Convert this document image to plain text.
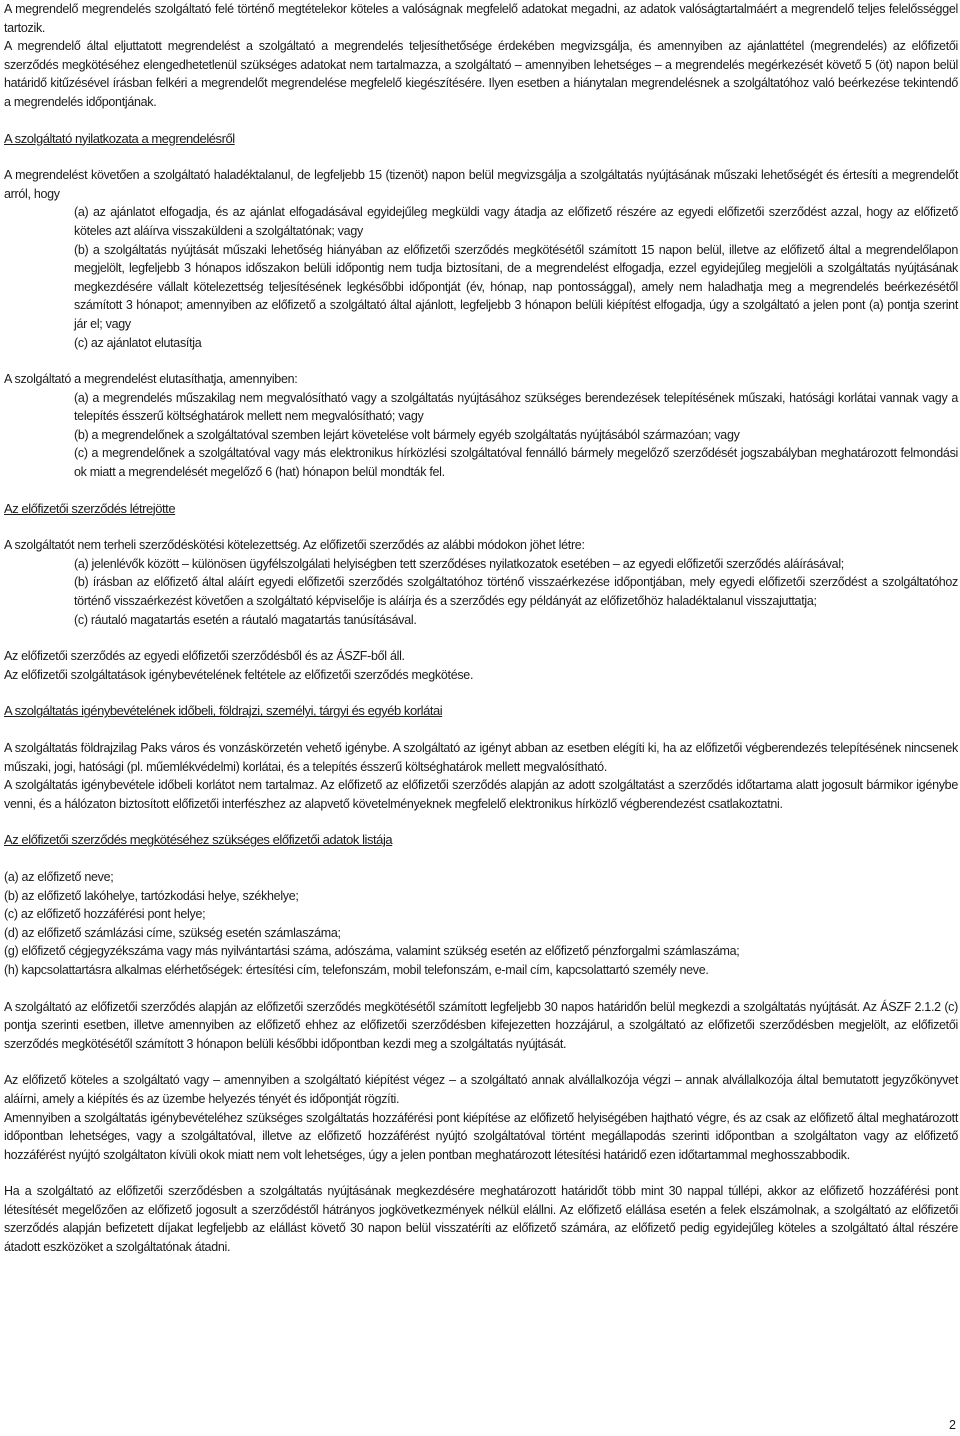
A megrendelő megrendelés szolgáltató felé történő megtételekor köteles a valóságnak megfelelő adatokat megadni, az adatok valóságtartalmáért a megrendelő teljes felelősséggel tartozik.

A megrendelő által eljuttatott megrendelést a szolgáltató a megrendelés teljesíthetősége érdekében megvizsgálja, és amennyiben az ajánlattétel (megrendelés) az előfizetői szerződés megkötéséhez elengedhetetlenül szükséges adatokat nem tartalmazza, a szolgáltató – amennyiben lehetséges – a megrendelés megérkezését követő 5 (öt) napon belül határidő kitűzésével írásban felkéri a megrendelőt megrendelése megfelelő kiegészítésére. Ilyen esetben a hiánytalan megrendelésnek a szolgáltatóhoz való beérkezése tekintendő a megrendelés időpontjának.

A szolgáltató nyilatkozata a megrendelésről

A megrendelést követően a szolgáltató haladéktalanul, de legfeljebb 15 (tizenöt) napon belül megvizsgálja a szolgáltatás nyújtásának műszaki lehetőségét és értesíti a megrendelőt arról, hogy

(a) az ajánlatot elfogadja, és az ajánlat elfogadásával egyidejűleg megküldi vagy átadja az előfizető részére az egyedi előfizetői szerződést azzal, hogy az előfizető köteles azt aláírva visszaküldeni a szolgáltatónak; vagy

(b) a szolgáltatás nyújtását műszaki lehetőség hiányában az előfizetői szerződés megkötésétől számított 15 napon belül, illetve az előfizető által a megrendelőlapon megjelölt, legfeljebb 3 hónapos időszakon belüli időpontig nem tudja biztosítani, de a megrendelést elfogadja, ezzel egyidejűleg megjelöli a szolgáltatás nyújtásának megkezdésére vállalt kötelezettség teljesítésének legkésőbbi időpontját (év, hónap, nap pontossággal), amely nem haladhatja meg a megrendelés beérkezésétől számított 3 hónapot; amennyiben az előfizető a szolgáltató által ajánlott, legfeljebb 3 hónapon belüli kiépítést elfogadja, úgy a szolgáltató a jelen pont (a) pontja szerint jár el; vagy

(c) az ajánlatot elutasítja

A szolgáltató a megrendelést elutasíthatja, amennyiben:

(a) a megrendelés műszakilag nem megvalósítható vagy a szolgáltatás nyújtásához szükséges berendezések telepítésének műszaki, hatósági korlátai vannak vagy a telepítés ésszerű költséghatárok mellett nem megvalósítható; vagy

(b) a megrendelőnek a szolgáltatóval szemben lejárt követelése volt bármely egyéb szolgáltatás nyújtásából származóan; vagy

(c) a megrendelőnek a szolgáltatóval vagy más elektronikus hírközlési szolgáltatóval fennálló bármely megelőző szerződését jogszabályban meghatározott felmondási ok miatt a megrendelését megelőző 6 (hat) hónapon belül mondták fel.

Az előfizetői szerződés létrejötte

A szolgáltatót nem terheli szerződéskötési kötelezettség. Az előfizetői szerződés az alábbi módokon jöhet létre:

(a) jelenlévők között – különösen ügyfélszolgálati helyiségben tett szerződéses nyilatkozatok esetében – az egyedi előfizetői szerződés aláírásával;

(b) írásban az előfizető által aláírt egyedi előfizetői szerződés szolgáltatóhoz történő visszaérkezése időpontjában, mely egyedi előfizetői szerződést a szolgáltatóhoz történő visszaérkezést követően a szolgáltató képviselője is aláírja és a szerződés egy példányát az előfizetőhöz haladéktalanul visszajuttatja;

(c) ráutaló magatartás esetén a ráutaló magatartás tanúsításával.

Az előfizetői szerződés az egyedi előfizetői szerződésből és az ÁSZF-ből áll.

Az előfizetői szolgáltatások igénybevételének feltétele az előfizetői szerződés megkötése.

A szolgáltatás igénybevételének időbeli, földrajzi, személyi, tárgyi és egyéb korlátai

A szolgáltatás földrajzilag Paks város és vonzáskörzetén vehető igénybe. A szolgáltató az igényt abban az esetben elégíti ki, ha az előfizetői végberendezés telepítésének nincsenek műszaki, jogi, hatósági (pl. műemlékvédelmi) korlátai, és a telepítés ésszerű költséghatárok mellett megvalósítható.

A szolgáltatás igénybevétele időbeli korlátot nem tartalmaz. Az előfizető az előfizetői szerződés alapján az adott szolgáltatást a szerződés időtartama alatt jogosult bármikor igénybe venni, és a hálózaton biztosított előfizetői interfészhez az alapvető követelményeknek megfelelő elektronikus hírközlő végberendezést csatlakoztatni.

Az előfizetői szerződés megkötéséhez szükséges előfizetői adatok listája

(a) az előfizető neve;

(b) az előfizető lakóhelye, tartózkodási helye, székhelye;

(c) az előfizető hozzáférési pont helye;

(d) az előfizető számlázási címe, szükség esetén számlaszáma;

(g) előfizető cégjegyzékszáma vagy más nyilvántartási száma, adószáma, valamint szükség esetén az előfizető pénzforgalmi számlaszáma;

(h) kapcsolattartásra alkalmas elérhetőségek: értesítési cím, telefonszám, mobil telefonszám, e-mail cím, kapcsolattartó személy neve.

A szolgáltató az előfizetői szerződés alapján az előfizetői szerződés megkötésétől számított legfeljebb 30 napos határidőn belül megkezdi a szolgáltatás nyújtását. Az ÁSZF 2.1.2 (c) pontja szerinti esetben, illetve amennyiben az előfizető ehhez az előfizetői szerződésben kifejezetten hozzájárul, a szolgáltató az előfizetői szerződésben megjelölt, az előfizetői szerződés megkötésétől számított 3 hónapon belüli későbbi időpontban kezdi meg a szolgáltatás nyújtását.

Az előfizető köteles a szolgáltató vagy – amennyiben a szolgáltató kiépítést végez – a szolgáltató annak alvállalkozója végzi – annak alvállalkozója által bemutatott jegyzőkönyvet aláírni, amely a kiépítés és az üzembe helyezés tényét és időpontját rögzíti.

Amennyiben a szolgáltatás igénybevételéhez szükséges szolgáltatás hozzáférési pont kiépítése az előfizető helyiségében hajtható végre, és az csak az előfizető által meghatározott időpontban lehetséges, vagy a szolgáltatóval, illetve az előfizető hozzáférést nyújtó szolgáltatóval történt megállapodás szerinti időpontban a szolgáltaton vagy az előfizető hozzáférést nyújtó szolgáltaton kívüli okok miatt nem volt lehetséges, úgy a jelen pontban meghatározott létesítési határidő ezen időtartammal meghosszabbodik.

Ha a szolgáltató az előfizetői szerződésben a szolgáltatás nyújtásának megkezdésére meghatározott határidőt több mint 30 nappal túllépi, akkor az előfizető hozzáférési pont létesítését megelőzően az előfizető jogosult a szerződéstől hátrányos jogkövetkezmények nélkül elállni. Az előfizető elállása esetén a felek elszámolnak, a szolgáltató az előfizetői szerződés alapján befizetett díjakat legfeljebb az elállást követő 30 napon belül visszatéríti az előfizető számára, az előfizető pedig egyidejűleg köteles a szolgáltató által részére átadott eszközöket a szolgáltatónak átadni.

2
